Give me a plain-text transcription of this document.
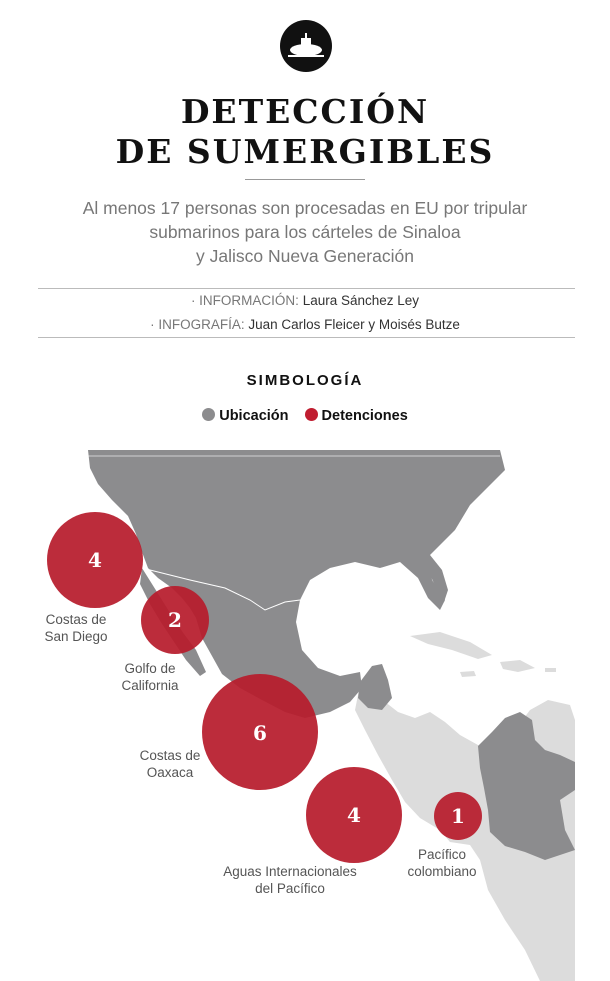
DETECCIÓN
DE SUMERGIBLES
Al menos 17 personas son procesadas en EU por tripular
submarinos para los cárteles de Sinaloa
y Jalisco Nueva Generación
· INFORMACIÓN: Laura Sánchez Ley
· INFOGRAFÍA: Juan Carlos Fleicer y Moisés Butze
SIMBOLOGÍA
Ubicación Detenciones
4
2
6
4	1
Costas de
San Diego
Golfo de
California
Costas de
Oaxaca
Aguas Internacionales
del Pacífico
Pacífico
colombiano
